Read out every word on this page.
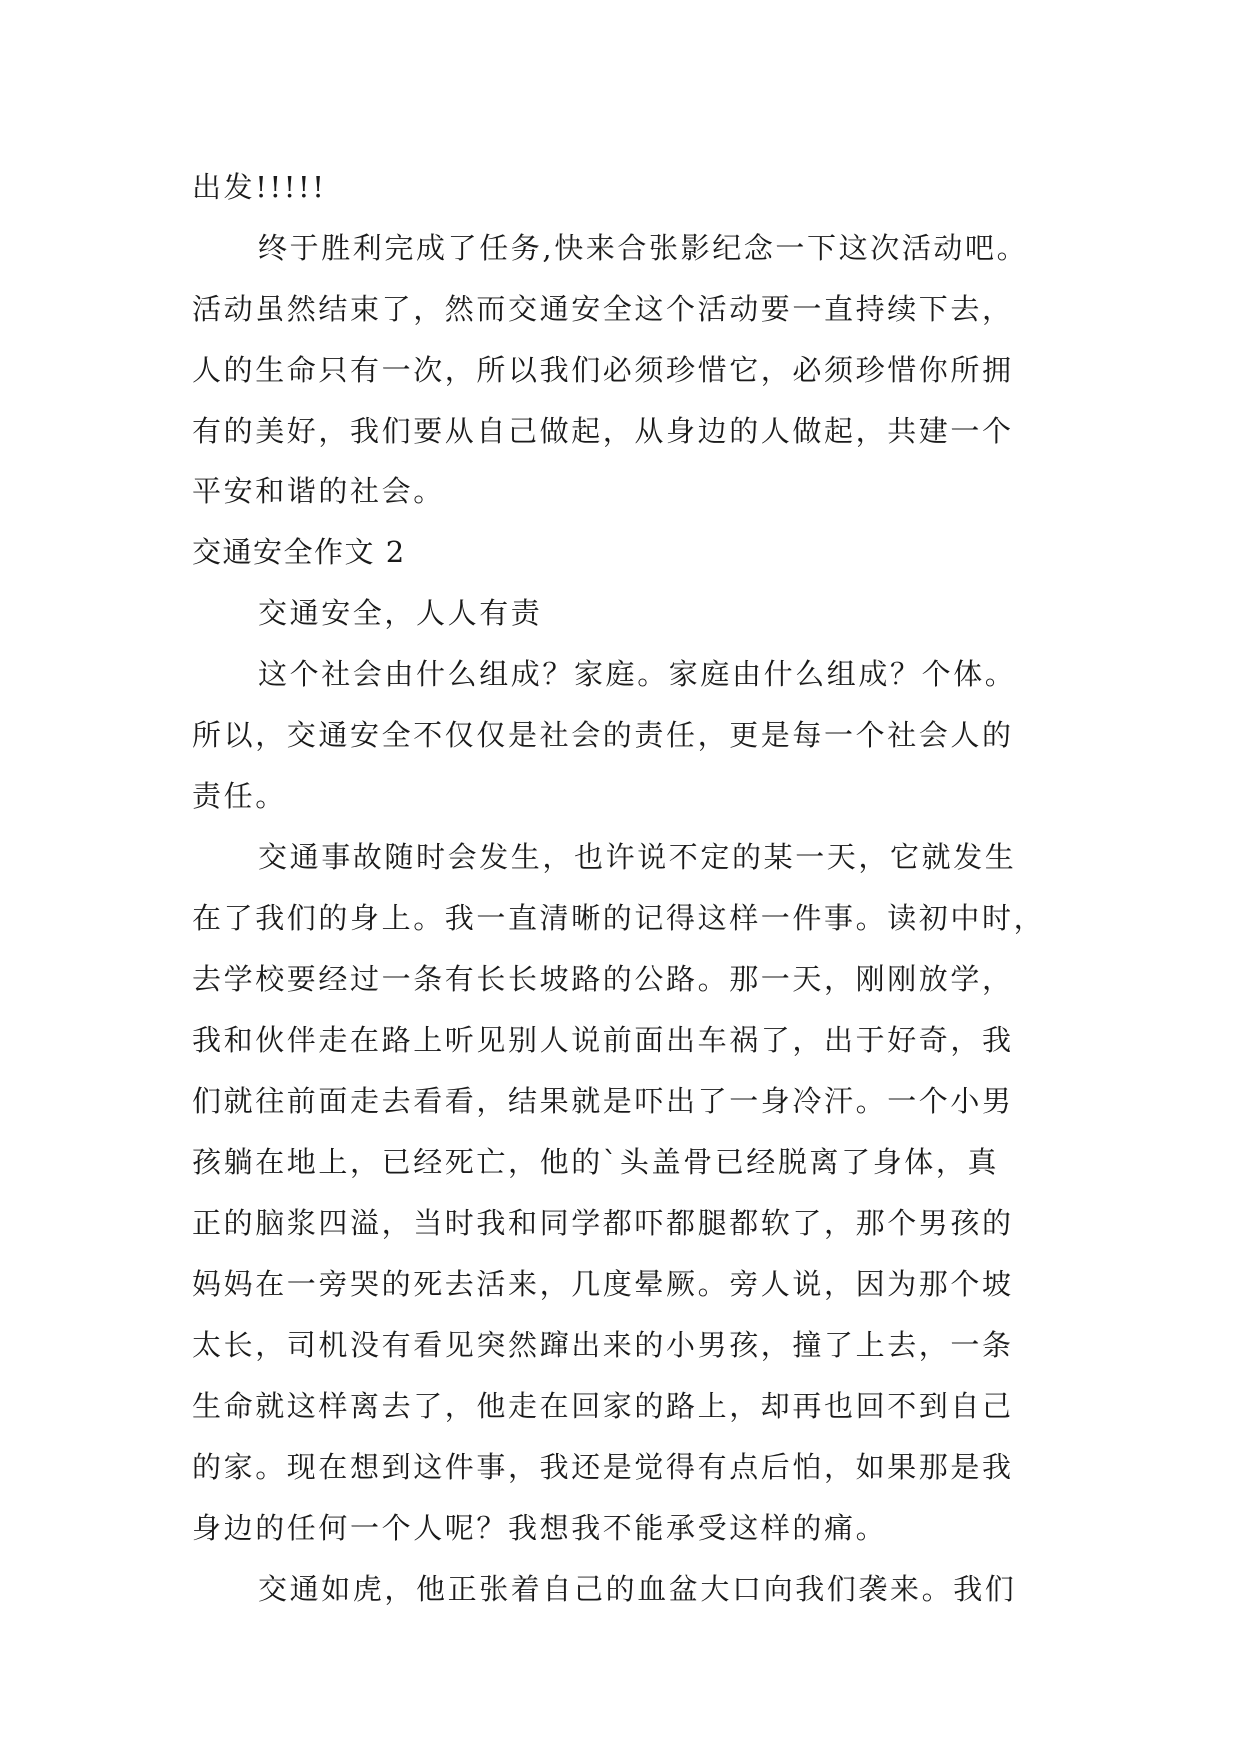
出发!!!!!
终于胜利完成了任务,快来合张影纪念一下这次活动吧。
活动虽然结束了，然而交通安全这个活动要一直持续下去，
人的生命只有一次，所以我们必须珍惜它，必须珍惜你所拥
有的美好，我们要从自己做起，从身边的人做起，共建一个
平安和谐的社会。
交通安全作文 2
交通安全，人人有责
这个社会由什么组成？家庭。家庭由什么组成？个体。
所以，交通安全不仅仅是社会的责任，更是每一个社会人的
责任。
交通事故随时会发生，也许说不定的某一天，它就发生
在了我们的身上。我一直清晰的记得这样一件事。读初中时，
去学校要经过一条有长长坡路的公路。那一天，刚刚放学，
我和伙伴走在路上听见别人说前面出车祸了，出于好奇，我
们就往前面走去看看，结果就是吓出了一身冷汗。一个小男
孩躺在地上，已经死亡，他的`头盖骨已经脱离了身体，真
正的脑浆四溢，当时我和同学都吓都腿都软了，那个男孩的
妈妈在一旁哭的死去活来，几度晕厥。旁人说，因为那个坡
太长，司机没有看见突然蹿出来的小男孩，撞了上去，一条
生命就这样离去了，他走在回家的路上，却再也回不到自己
的家。现在想到这件事，我还是觉得有点后怕，如果那是我
身边的任何一个人呢？我想我不能承受这样的痛。
交通如虎，他正张着自己的血盆大口向我们袭来。我们
